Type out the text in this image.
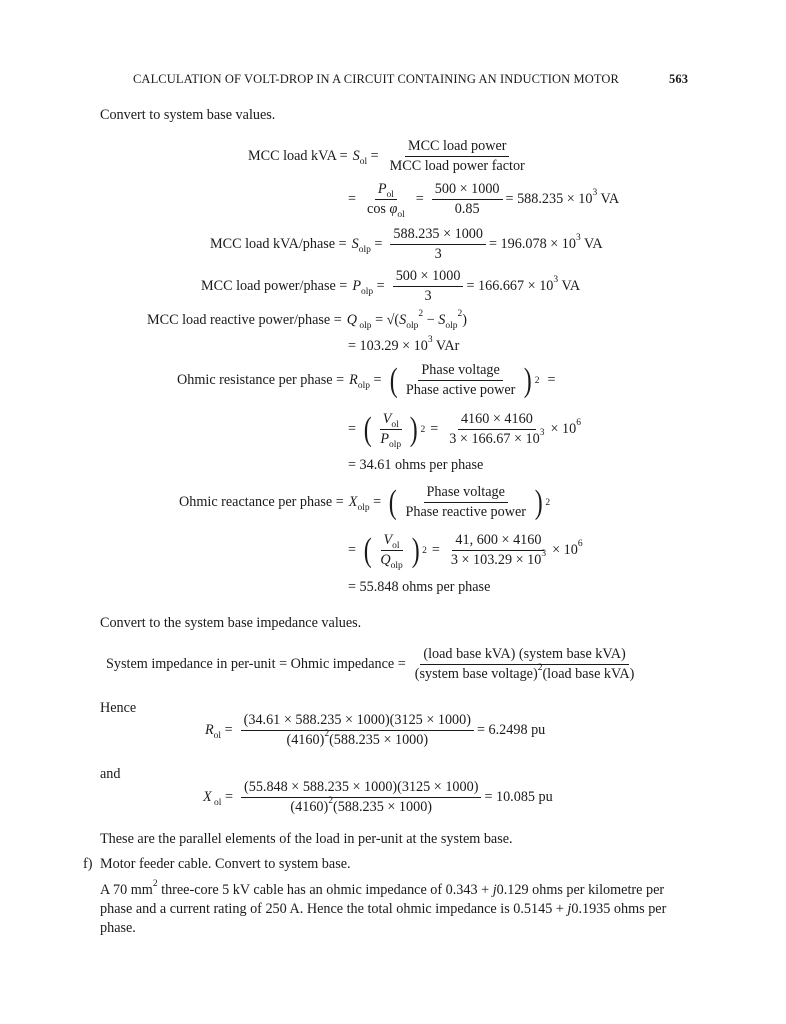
CALCULATION OF VOLT-DROP IN A CIRCUIT CONTAINING AN INDUCTION MOTOR	563
Convert to system base values.
MCC load kVA = $S_{ol} = \frac{\text{MCC load power}}{\text{MCC load power factor}}$
= $\frac{P_{ol}}{\cos \varphi_{ol}} = \frac{500 \times 1000}{0.85} = 588.235 \times 10^3$ VA
MCC load kVA/phase = $S_{olp} = \frac{588.235 \times 1000}{3} = 196.078 \times 10^3$ VA
MCC load power/phase = $P_{olp} = \frac{500 \times 1000}{3} = 166.667 \times 10^3$ VA
MCC load reactive power/phase = Q $_{olp} = √(S_{olp}^2 - S_{olp}^2)$
= $103.29 \times 10^3$ VAr
Ohmic resistance per phase = $R_{olp}$ = ( $\frac{\text{Phase voltage}}{\text{Phase active power}}$ ) 2 =
= ( $\frac{V_{ol}}{P_{olp}}$ ) $2 = \frac{4160 \times 4160}{3 \times 166.67 \times 10^3} \times 10^6$
= 34.61 ohms per phase
Ohmic reactance per phase = $X_{olp}$ = ( $\frac{\text{Phase voltage}}{\text{Phase reactive power}}$ ) 2
= ( $\frac{V_{ol}}{Q_{olp}}$ ) $2 = \frac{41, 600 \times 4160}{3 \times 103.29 \times 10^3} \times 10^6$
= 55.848 ohms per phase
Convert to the system base impedance values.
System impedance in per-unit = Ohmic impedance = $\frac{\text{(load base kVA) (system base kVA)}}{(system base voltage)^2(load base kVA)}$
Hence
$R_{ol} = \frac{(34.61 \times 588.235 \times 1000)(3125 \times 1000)}{(4160)^2(588.235 \times 1000)} = 6.2498$ pu
and
X $_{ol} = \frac{(55.848 \times 588.235 \times 1000)(3125 \times 1000)}{(4160)^2(588.235 \times 1000)} = 10.085$ pu
These are the parallel elements of the load in per-unit at the system base.
f) Motor feeder cable. Convert to system base.
A 70 $mm^2$ three-core 5 kV cable has an ohmic impedance of 0.343 + j0.129 ohms per kilometre per phase and a current rating of 250 A. Hence the total ohmic impedance is 0.5145 + j0.1935 ohms per phase.
